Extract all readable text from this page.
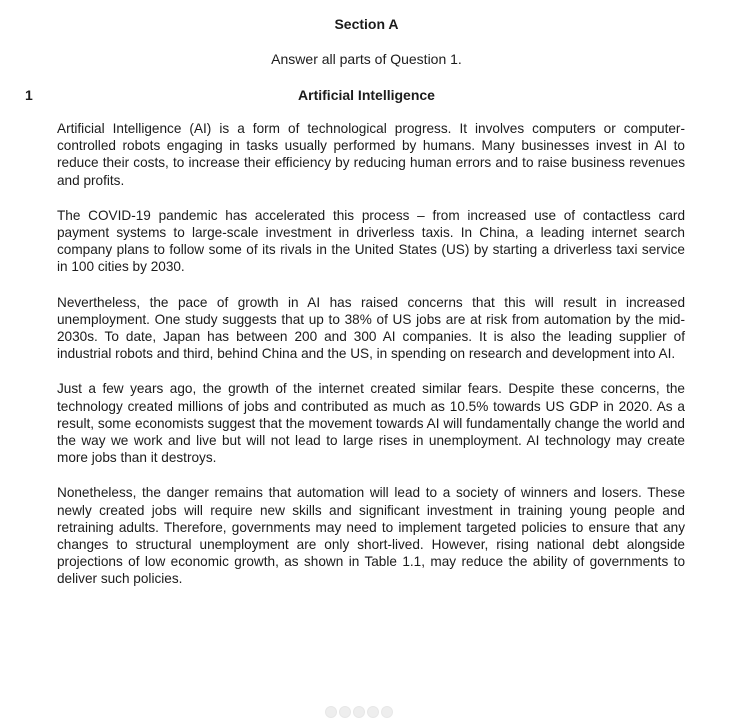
Section A

Answer all parts of Question 1.

1	Artificial Intelligence

Artificial Intelligence (AI) is a form of technological progress. It involves computers or computer-controlled robots engaging in tasks usually performed by humans. Many businesses invest in AI to reduce their costs, to increase their efficiency by reducing human errors and to raise business revenues and profits.

The COVID-19 pandemic has accelerated this process – from increased use of contactless card payment systems to large-scale investment in driverless taxis. In China, a leading internet search company plans to follow some of its rivals in the United States (US) by starting a driverless taxi service in 100 cities by 2030.

Nevertheless, the pace of growth in AI has raised concerns that this will result in increased unemployment. One study suggests that up to 38% of US jobs are at risk from automation by the mid-2030s. To date, Japan has between 200 and 300 AI companies. It is also the leading supplier of industrial robots and third, behind China and the US, in spending on research and development into AI.

Just a few years ago, the growth of the internet created similar fears. Despite these concerns, the technology created millions of jobs and contributed as much as 10.5% towards US GDP in 2020. As a result, some economists suggest that the movement towards AI will fundamentally change the world and the way we work and live but will not lead to large rises in unemployment. AI technology may create more jobs than it destroys.

Nonetheless, the danger remains that automation will lead to a society of winners and losers. These newly created jobs will require new skills and significant investment in training young people and retraining adults. Therefore, governments may need to implement targeted policies to ensure that any changes to structural unemployment are only short-lived. However, rising national debt alongside projections of low economic growth, as shown in Table 1.1, may reduce the ability of governments to deliver such policies.
